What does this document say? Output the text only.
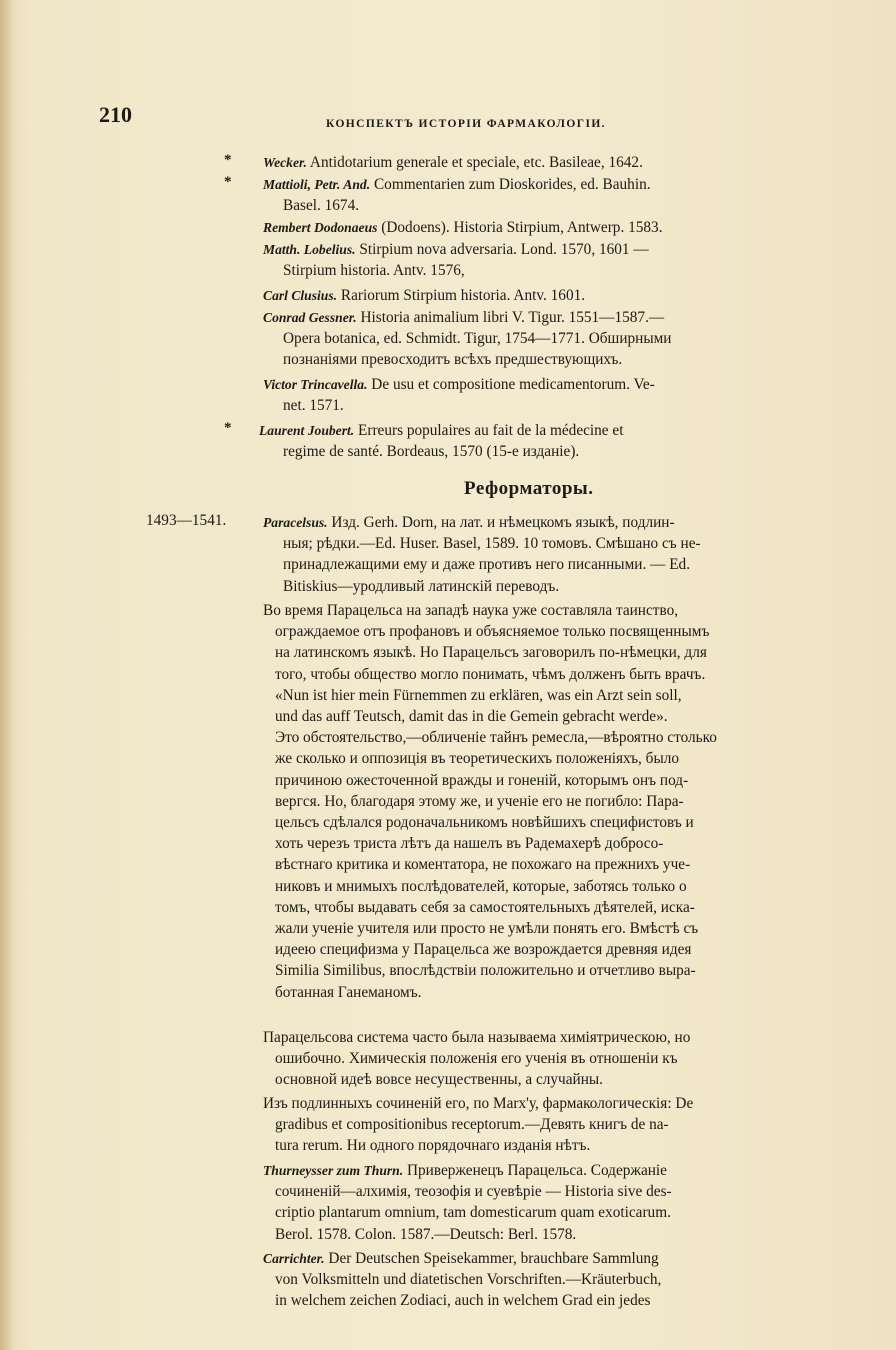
210	КОНСПЕКТЪ ИСТОРІИ ФАРМАКОЛОГІИ.
* Wecker. Antidotarium generale et speciale, etc. Basileae, 1642.
* Mattioli, Petr. And. Commentarien zum Dioskorides, ed. Bauhin.
Basel. 1674.
Rembert Dodonaeus (Dodoens). Historia Stirpium, Antwerp. 1583.
Matth. Lobelius. Stirpium nova adversaria. Lond. 1570, 1601 —
Stirpium historia. Antv. 1576,
Carl Clusius. Rariorum Stirpium historia. Antv. 1601.
Conrad Gessner. Historia animalium libri V. Tigur. 1551—1587.—
Opera botanica, ed. Schmidt. Tigur, 1754—1771. Обширными
познаніями превосходитъ всѣхъ предшествующихъ.
Victor Trincavella. De usu et compositione medicamentorum. Ve-
net. 1571.
* Laurent Joubert. Erreurs populaires au fait de la médecine et
regime de santé. Bordeaus, 1570 (15-е изданіе).
Реформаторы.
1493—1541.	Paracelsus. Изд. Gerh. Dorn, на лат. и нѣмецкомъ языкѣ, подлин-
ныя; рѣдки.—Ed. Huser. Basel, 1589. 10 томовъ. Смѣшано съ не-
принадлежащими ему и даже противъ него писанными. — Ed.
Bitiskius—уродливый латинскій переводъ.
Во время Парацельса на западѣ наука уже составляла таинство,
ограждаемое отъ профановъ и объясняемое только посвященнымъ
на латинскомъ языкѣ. Но Парацельсъ заговорилъ по-нѣмецки, для
того, чтобы общество могло понимать, чѣмъ долженъ быть врачъ.
«Nun ist hier mein Fürnemmen zu erklären, was ein Arzt sein soll,
und das auff Teutsch, damit das in die Gemein gebracht werde».
Это обстоятельство,—обличеніе тайнъ ремесла,—вѣроятно столько
же сколько и оппозиція въ теоретическихъ положеніяхъ, было
причиною ожесточенной вражды и гоненій, которымъ онъ под-
вергся. Но, благодаря этому же, и ученіе его не погибло: Пара-
цельсъ сдѣлался родоначальникомъ новѣйшихъ специфистовъ и
хоть черезъ триста лѣтъ да нашелъ въ Радемахерѣ добросо-
вѣстнаго критика и коментатора, не похожаго на прежнихъ уче-
никовъ и мнимыхъ послѣдователей, которые, заботясь только о
томъ, чтобы выдавать себя за самостоятельныхъ дѣятелей, иска-
жали ученіе учителя или просто не умѣли понять его. Вмѣстѣ съ
идеею специфизма у Парацельса же возрождается древняя идея
Similia Similibus, впослѣдствіи положительно и отчетливо выра-
ботанная Ганеманомъ.
Парацельсова система часто была называема химіятрическою, но
ошибочно. Химическія положенія его ученія въ отношеніи къ
основной идеѣ вовсе несущественны, а случайны.
Изъ подлинныхъ сочиненій его, по Marx'у, фармакологическія: De
gradibus et compositionibus receptorum.—Девять книгъ de na-
tura rerum. Ни одного порядочнаго изданія нѣтъ.
Thurneysser zum Thurn. Приверженецъ Парацельса. Содержаніе
сочиненій—алхимія, теозофія и суевѣріе — Historia sive des-
criptio plantarum omnium, tam domesticarum quam exoticarum.
Berol. 1578. Colon. 1587.—Deutsch: Berl. 1578.
Carrichter. Der Deutschen Speisekammer, brauchbare Sammlung
von Volksmitteln und diatetischen Vorschriften.—Kräuterbuch,
in welchem zeichen Zodiaci, auch in welchem Grad ein jedes
